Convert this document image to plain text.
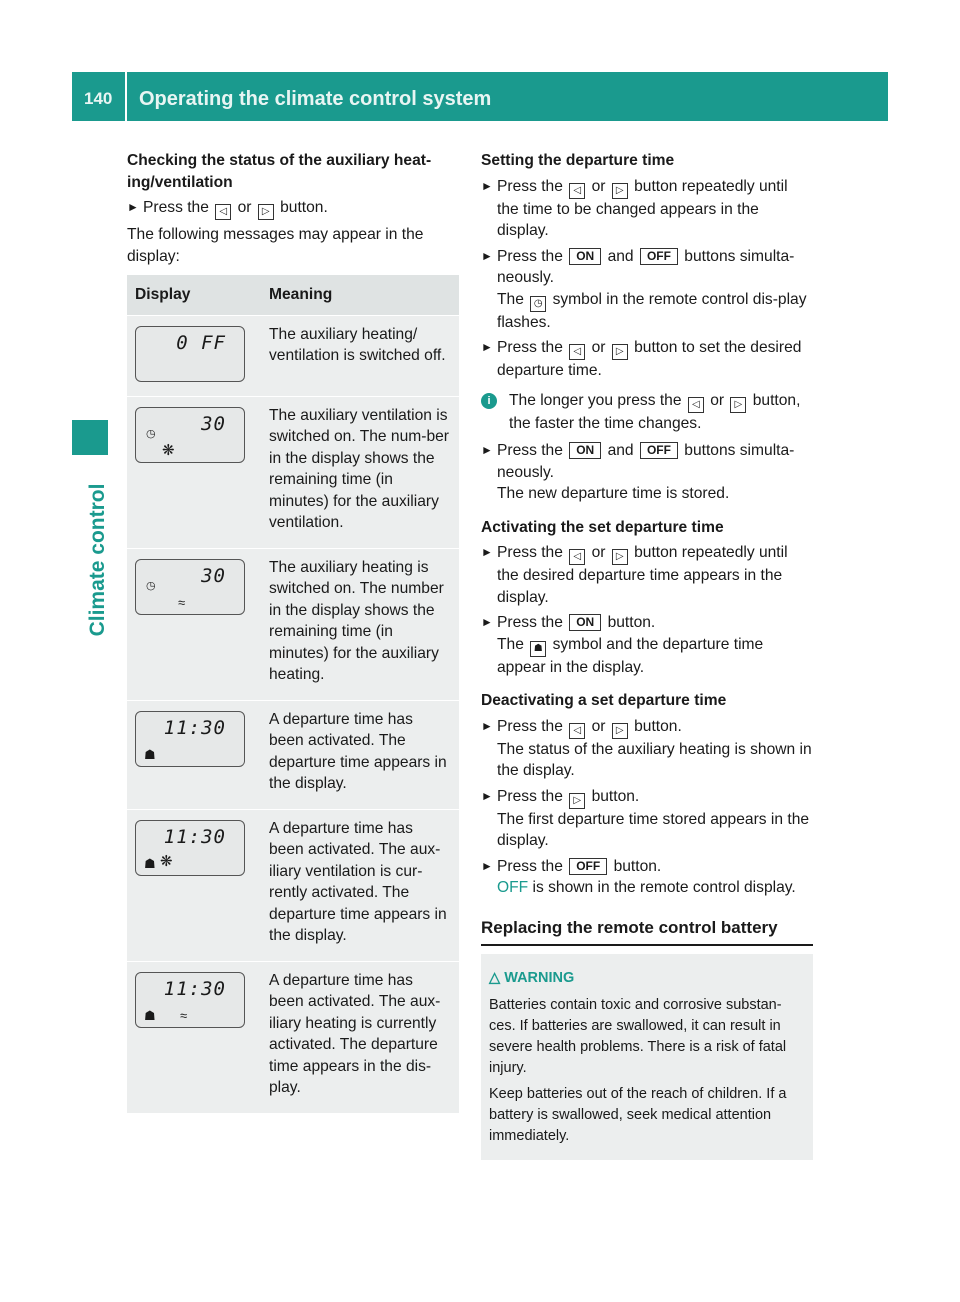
140 Operating the climate control system
Climate control
Checking the status of the auxiliary heat-ing/ventilation
► Press the ◁ or ▷ button.

The following messages may appear in the display:

Display	Meaning

0 FF	The auxiliary heating/ ventilation is switched off.

◷
❋
30	The auxiliary ventilation is switched on. The num-ber in the display shows the remaining time (in minutes) for the auxiliary ventilation.

◷
≈
30	The auxiliary heating is switched on. The number in the display shows the remaining time (in minutes) for the auxiliary heating.

☗
11:30	A departure time has been activated. The departure time appears in the display.

☗ ❋
11:30	A departure time has been activated. The aux-iliary ventilation is cur-rently activated. The departure time appears in the display.

☗ ≈
11:30	A departure time has been activated. The aux-iliary heating is currently activated. The departure time appears in the dis-play.
Setting the departure time
► Press the ◁ or ▷ button repeatedly until the time to be changed appears in the display.
► Press the ON and OFF buttons simulta-neously.
The ◷ symbol in the remote control dis-play flashes.
► Press the ◁ or ▷ button to set the desired departure time.
i	The longer you press the ◁ or ▷ button, the faster the time changes.
► Press the ON and OFF buttons simulta-neously.
The new departure time is stored.
Activating the set departure time
► Press the ◁ or ▷ button repeatedly until the desired departure time appears in the display.
► Press the ON button.
The ☗ symbol and the departure time appear in the display.
Deactivating a set departure time
► Press the ◁ or ▷ button.
The status of the auxiliary heating is shown in the display.
► Press the ▷ button.
The first departure time stored appears in the display.
► Press the OFF button.
OFF is shown in the remote control display.
Replacing the remote control battery
△ WARNING

Batteries contain toxic and corrosive substan-ces. If batteries are swallowed, it can result in severe health problems. There is a risk of fatal injury.

Keep batteries out of the reach of children. If a battery is swallowed, seek medical attention immediately.
